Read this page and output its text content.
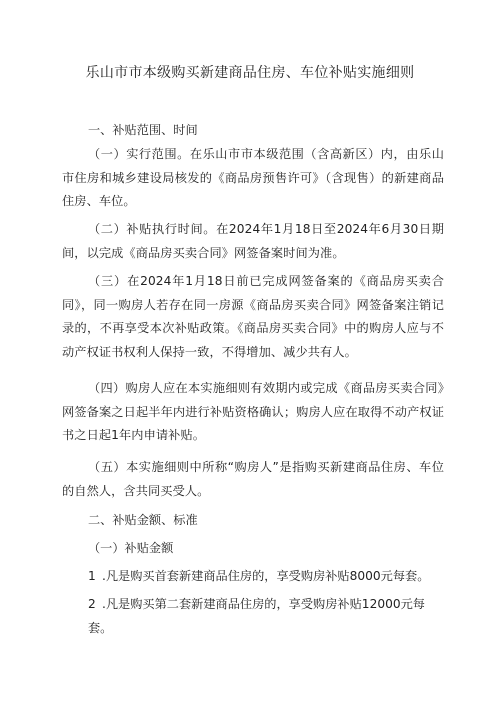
乐山市市本级购买新建商品住房、车位补贴实施细则

一、补贴范围、时间

（一）实行范围。在乐山市市本级范围（含高新区）内，由乐山市住房和城乡建设局核发的《商品房预售许可》（含现售）的新建商品住房、车位。

（二）补贴执行时间。在2024年1月18日至2024年6月30日期间，以完成《商品房买卖合同》网签备案时间为准。

（三）在2024年1月18日前已完成网签备案的《商品房买卖合同》，同一购房人若存在同一房源《商品房买卖合同》网签备案注销记录的，不再享受本次补贴政策。《商品房买卖合同》中的购房人应与不动产权证书权利人保持一致，不得增加、减少共有人。

（四）购房人应在本实施细则有效期内或完成《商品房买卖合同》网签备案之日起半年内进行补贴资格确认；购房人应在取得不动产权证书之日起1年内申请补贴。

（五）本实施细则中所称“购房人”是指购买新建商品住房、车位的自然人，含共同买受人。

二、补贴金额、标准

（一）补贴金额

1 .凡是购买首套新建商品住房的，享受购房补贴8000元每套。

2 .凡是购买第二套新建商品住房的，享受购房补贴12000元每套。
